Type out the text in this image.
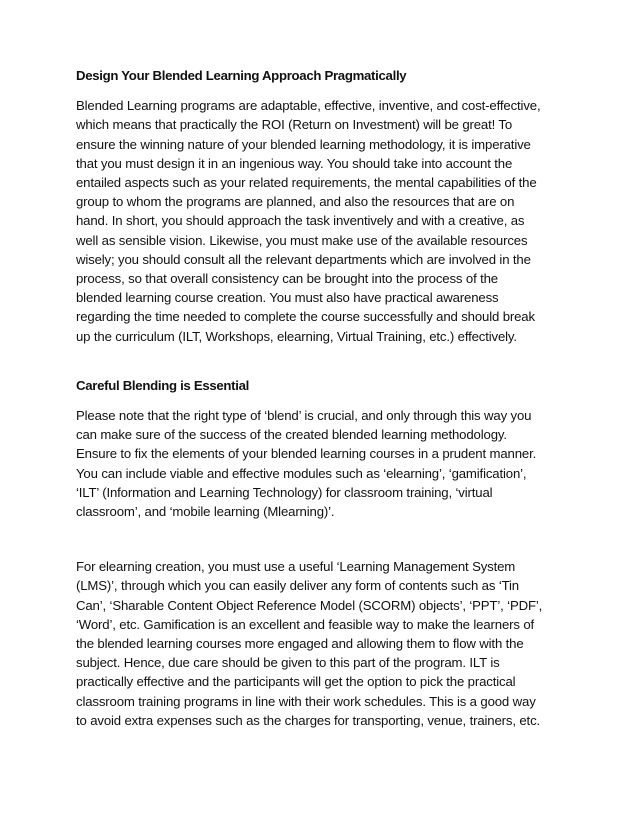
Design Your Blended Learning Approach Pragmatically
Blended Learning programs are adaptable, effective, inventive, and cost-effective,
which means that practically the ROI (Return on Investment) will be great! To
ensure the winning nature of your blended learning methodology, it is imperative
that you must design it in an ingenious way. You should take into account the
entailed aspects such as your related requirements, the mental capabilities of the
group to whom the programs are planned, and also the resources that are on
hand. In short, you should approach the task inventively and with a creative, as
well as sensible vision. Likewise, you must make use of the available resources
wisely; you should consult all the relevant departments which are involved in the
process, so that overall consistency can be brought into the process of the
blended learning course creation. You must also have practical awareness
regarding the time needed to complete the course successfully and should break
up the curriculum (ILT, Workshops, elearning, Virtual Training, etc.) effectively.
Careful Blending is Essential
Please note that the right type of ‘blend’ is crucial, and only through this way you
can make sure of the success of the created blended learning methodology.
Ensure to fix the elements of your blended learning courses in a prudent manner.
You can include viable and effective modules such as ‘elearning’, ‘gamification’,
‘ILT’ (Information and Learning Technology) for classroom training, ‘virtual
classroom’, and ‘mobile learning (Mlearning)’.
For elearning creation, you must use a useful ‘Learning Management System
(LMS)’, through which you can easily deliver any form of contents such as ‘Tin
Can’, ‘Sharable Content Object Reference Model (SCORM) objects’, ‘PPT’, ‘PDF’,
‘Word’, etc. Gamification is an excellent and feasible way to make the learners of
the blended learning courses more engaged and allowing them to flow with the
subject. Hence, due care should be given to this part of the program. ILT is
practically effective and the participants will get the option to pick the practical
classroom training programs in line with their work schedules. This is a good way
to avoid extra expenses such as the charges for transporting, venue, trainers, etc.
